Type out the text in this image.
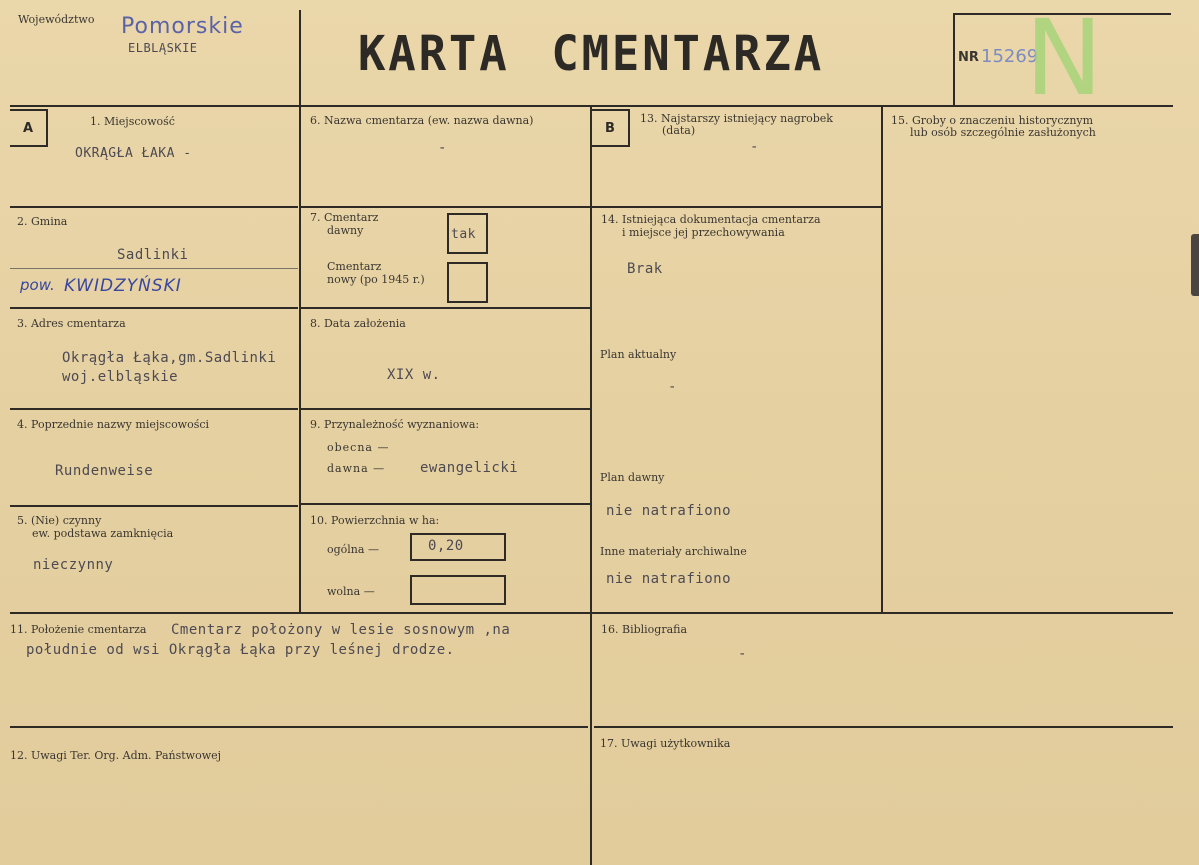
Województwo Pomorskie
ELBLĄSKIE	KARTA CMENTARZA	NR 15269
N
A	B
1. Miejscowość
OKRĄGŁA ŁAKA -
2. Gmina
Sadlinki
pow. KWIDZYŃSKI
3. Adres cmentarza
Okrągła Łąka,gm.Sadlinki
woj.elbląskie
4. Poprzednie nazwy miejscowości
Rundenweise
5. (Nie) czynny
ew. podstawa zamknięcia
nieczynny
6. Nazwa cmentarza (ew. nazwa dawna)
-
7. Cmentarz
dawny	tak
Cmentarz
nowy (po 1945 r.)
8. Data założenia
XIX w.
9. Przynależność wyznaniowa:
obecna —
dawna — ewangelicki
10. Powierzchnia w ha:
ogólna —	0,20
wolna —
11. Położenie cmentarza Cmentarz położony w lesie sosnowym ,na
południe od wsi Okrągła Łąka przy leśnej drodze.
12. Uwagi Ter. Org. Adm. Państwowej
13. Najstarszy istniejący nagrobek
(data)
-
14. Istniejąca dokumentacja cmentarza
i miejsce jej przechowywania
Brak
Plan aktualny
-
Plan dawny
nie natrafiono
Inne materiały archiwalne
nie natrafiono
15. Groby o znaczeniu historycznym
lub osób szczególnie zasłużonych
16. Bibliografia
-
17. Uwagi użytkownika
